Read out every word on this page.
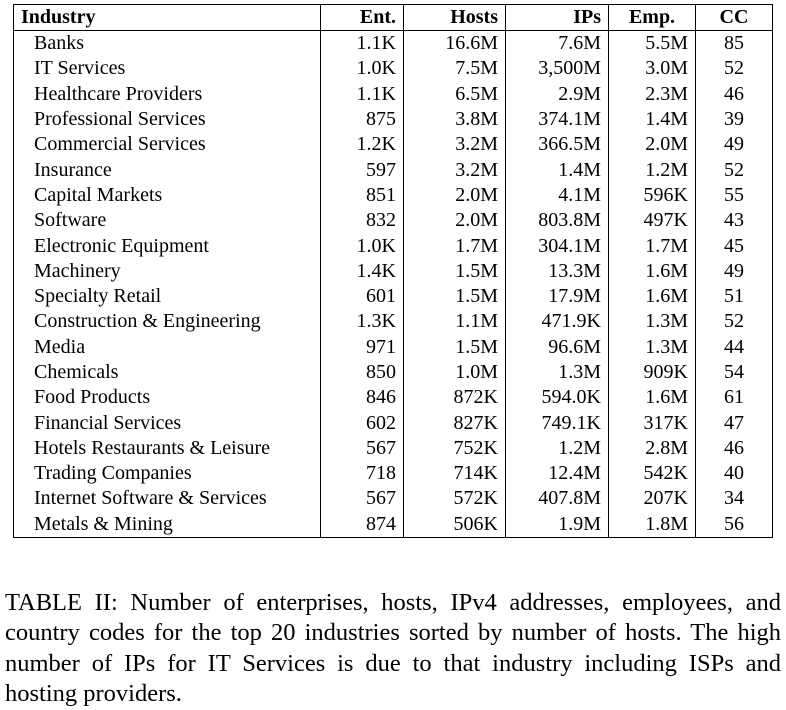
Industry	Ent.	Hosts	IPs	Emp.	CC
Banks	1.1K	16.6M	7.6M	5.5M	85
IT Services	1.0K	7.5M	3,500M	3.0M	52
Healthcare Providers	1.1K	6.5M	2.9M	2.3M	46
Professional Services	875	3.8M	374.1M	1.4M	39
Commercial Services	1.2K	3.2M	366.5M	2.0M	49
Insurance	597	3.2M	1.4M	1.2M	52
Capital Markets	851	2.0M	4.1M	596K	55
Software	832	2.0M	803.8M	497K	43
Electronic Equipment	1.0K	1.7M	304.1M	1.7M	45
Machinery	1.4K	1.5M	13.3M	1.6M	49
Specialty Retail	601	1.5M	17.9M	1.6M	51
Construction & Engineering	1.3K	1.1M	471.9K	1.3M	52
Media	971	1.5M	96.6M	1.3M	44
Chemicals	850	1.0M	1.3M	909K	54
Food Products	846	872K	594.0K	1.6M	61
Financial Services	602	827K	749.1K	317K	47
Hotels Restaurants & Leisure	567	752K	1.2M	2.8M	46
Trading Companies	718	714K	12.4M	542K	40
Internet Software & Services	567	572K	407.8M	207K	34
Metals & Mining	874	506K	1.9M	1.8M	56

TABLE II: Number of enterprises, hosts, IPv4 addresses, employees, and country codes for the top 20 industries sorted by number of hosts. The high number of IPs for IT Services is due to that industry including ISPs and hosting providers.
